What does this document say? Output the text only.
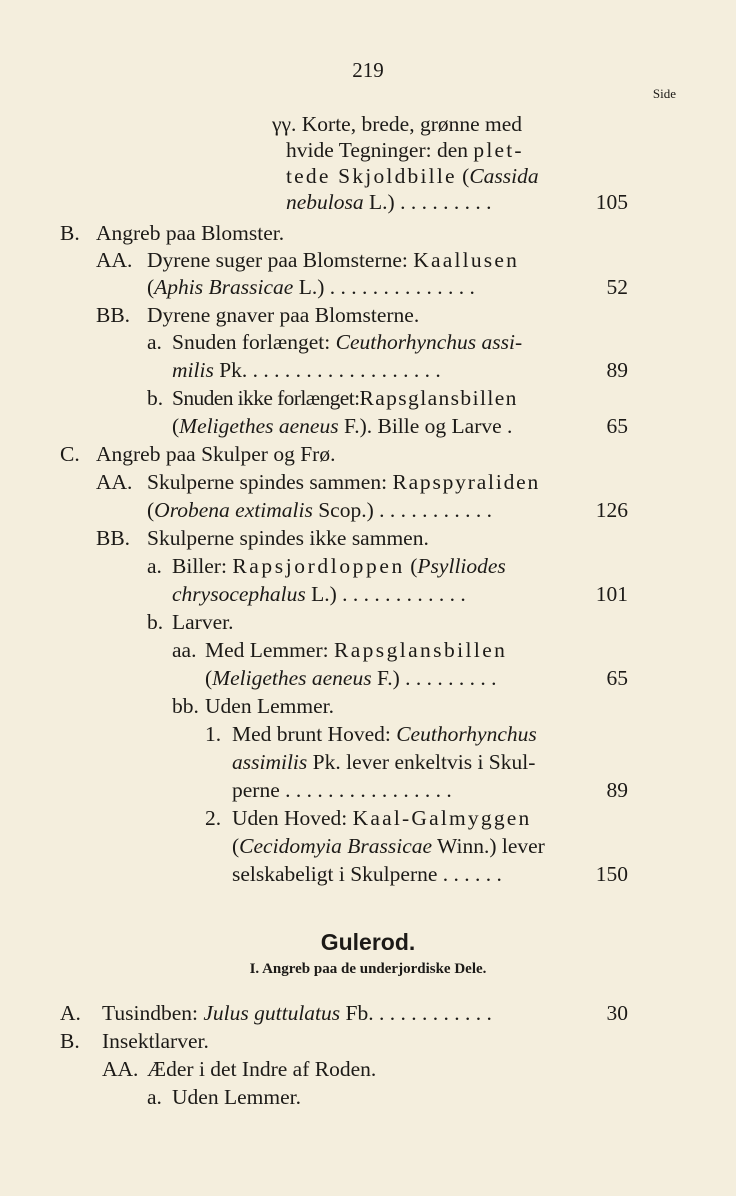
219
Side
γγ. Korte, brede, grønne med
hvide Tegninger: den plet-
tede Skjoldbille (Cassida
nebulosa L.) . . . . . . . . .	105
B. Angreb paa Blomster.
AA. Dyrene suger paa Blomsterne: Kaallusen
(Aphis Brassicae L.) . . . . . . . . . . . . . .	52
BB. Dyrene gnaver paa Blomsterne.
a. Snuden forlænget: Ceuthorhynchus assi-
milis Pk. . . . . . . . . . . . . . . . . . .	89
b. Snuden ikke forlænget:Rapsglansbillen
(Meligethes aeneus F.). Bille og Larve .	65
C. Angreb paa Skulper og Frø.
AA. Skulperne spindes sammen: Rapspyraliden
(Orobena extimalis Scop.) . . . . . . . . . . .	126
BB. Skulperne spindes ikke sammen.
a. Biller: Rapsjordloppen (Psylliodes
chrysocephalus L.) . . . . . . . . . . . .	101
b. Larver.
aa. Med Lemmer: Rapsglansbillen
(Meligethes aeneus F.) . . . . . . . . .	65
bb. Uden Lemmer.
1. Med brunt Hoved: Ceuthorhynchus
assimilis Pk. lever enkeltvis i Skul-
perne . . . . . . . . . . . . . . . .	89
2. Uden Hoved: Kaal-Galmyggen
(Cecidomyia Brassicae Winn.) lever
selskabeligt i Skulperne . . . . . .	150
Gulerod.
I. Angreb paa de underjordiske Dele.
A. Tusindben: Julus guttulatus Fb. . . . . . . . . . . .	30
B. Insektlarver.
AA. Æder i det Indre af Roden.
a. Uden Lemmer.
